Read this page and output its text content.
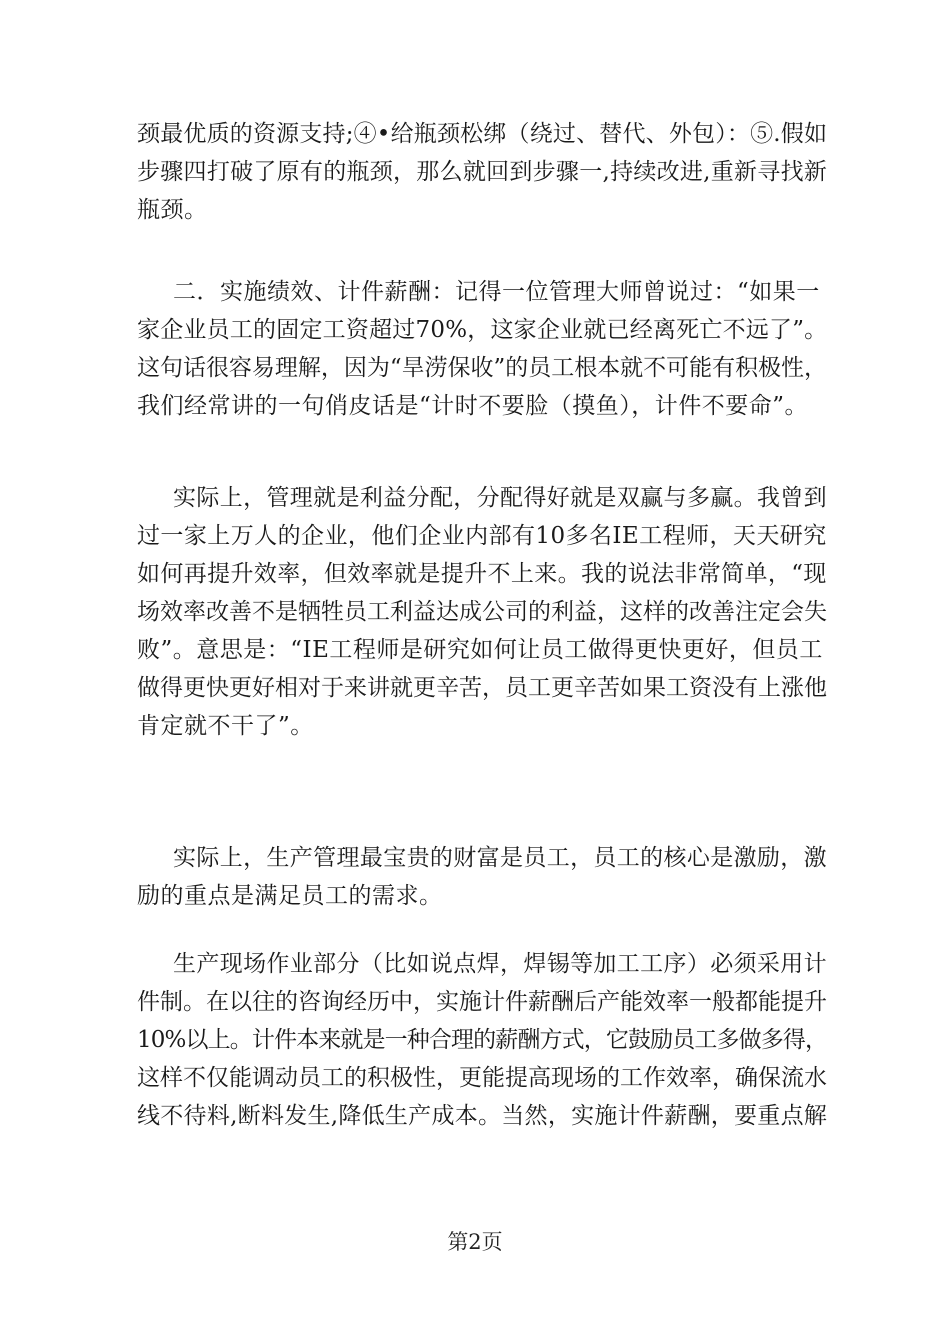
颈最优质的资源支持;④•给瓶颈松绑（绕过、替代、外包）：⑤.假如
步骤四打破了原有的瓶颈，那么就回到步骤一,持续改进,重新寻找新
瓶颈。
二．实施绩效、计件薪酬：记得一位管理大师曾说过：“如果一
家企业员工的固定工资超过70%，这家企业就已经离死亡不远了”。
这句话很容易理解，因为“旱涝保收”的员工根本就不可能有积极性，
我们经常讲的一句俏皮话是“计时不要脸（摸鱼），计件不要命”。
实际上，管理就是利益分配，分配得好就是双赢与多赢。我曾到
过一家上万人的企业，他们企业内部有10多名IE工程师，天天研究
如何再提升效率，但效率就是提升不上来。我的说法非常简单，“现
场效率改善不是牺牲员工利益达成公司的利益，这样的改善注定会失
败”。意思是：“IE工程师是研究如何让员工做得更快更好，但员工
做得更快更好相对于来讲就更辛苦，员工更辛苦如果工资没有上涨他
肯定就不干了”。
实际上，生产管理最宝贵的财富是员工，员工的核心是激励，激
励的重点是满足员工的需求。
生产现场作业部分（比如说点焊，焊锡等加工工序）必须采用计
件制。在以往的咨询经历中，实施计件薪酬后产能效率一般都能提升
10%以上。计件本来就是一种合理的薪酬方式，它鼓励员工多做多得，
这样不仅能调动员工的积极性，更能提高现场的工作效率，确保流水
线不待料,断料发生,降低生产成本。当然，实施计件薪酬，要重点解
第2页
